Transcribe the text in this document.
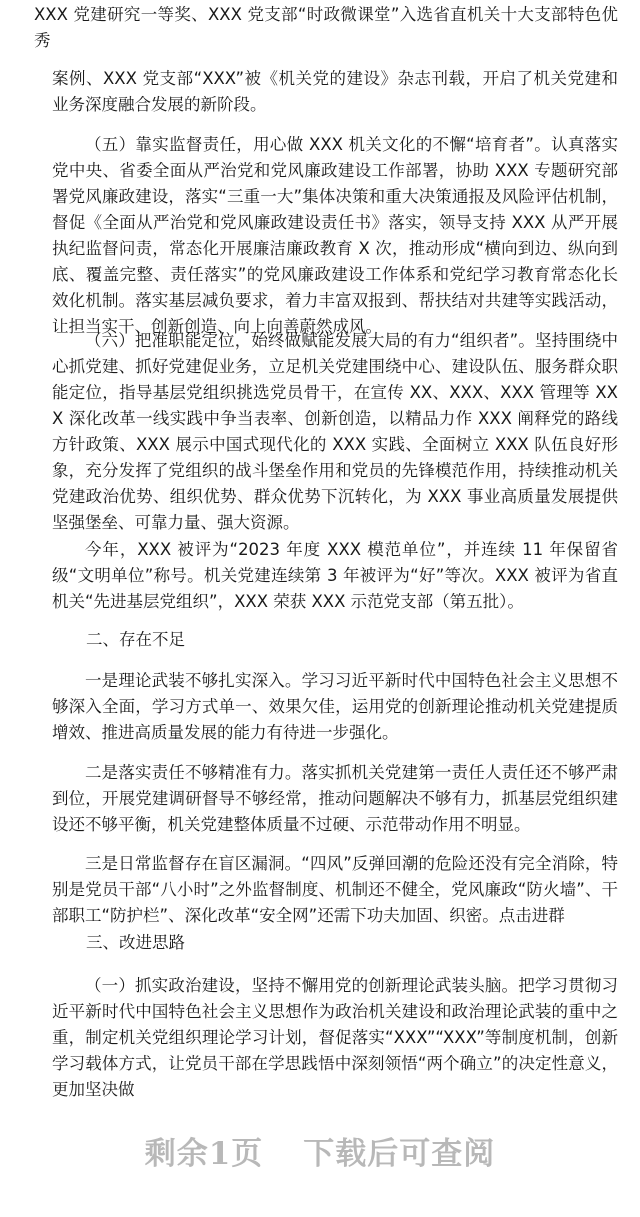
XXX 党建研究一等奖、XXX 党支部“时政微课堂”入选省直机关十大支部特色优秀

案例、XXX 党支部“XXX”被《机关党的建设》杂志刊载，开启了机关党建和业务深度融合发展的新阶段。

（五）靠实监督责任，用心做 XXX 机关文化的不懈“培育者”。认真落实党中央、省委全面从严治党和党风廉政建设工作部署，协助 XXX 专题研究部署党风廉政建设，落实“三重一大”集体决策和重大决策通报及风险评估机制，督促《全面从严治党和党风廉政建设责任书》落实，领导支持 XXX 从严开展执纪监督问责，常态化开展廉洁廉政教育 X 次，推动形成“横向到边、纵向到底、覆盖完整、责任落实”的党风廉政建设工作体系和党纪学习教育常态化长效化机制。落实基层减负要求，着力丰富双报到、帮扶结对共建等实践活动，让担当实干、创新创造、向上向善蔚然成风。

（六）把准职能定位，始终做赋能发展大局的有力“组织者”。坚持围绕中心抓党建、抓好党建促业务，立足机关党建围绕中心、建设队伍、服务群众职能定位，指导基层党组织挑选党员骨干，在宣传 XX、XXX、XXX 管理等 XXX 深化改革一线实践中争当表率、创新创造，以精品力作 XXX 阐释党的路线方针政策、XXX 展示中国式现代化的 XXX 实践、全面树立 XXX 队伍良好形象，充分发挥了党组织的战斗堡垒作用和党员的先锋模范作用，持续推动机关党建政治优势、组织优势、群众优势下沉转化，为 XXX 事业高质量发展提供坚强堡垒、可靠力量、强大资源。

今年，XXX 被评为“2023 年度 XXX 模范单位”，并连续 11 年保留省级“文明单位”称号。机关党建连续第 3 年被评为“好”等次。XXX 被评为省直机关“先进基层党组织”，XXX 荣获 XXX 示范党支部（第五批）。

二、存在不足

一是理论武装不够扎实深入。学习习近平新时代中国特色社会主义思想不够深入全面，学习方式单一、效果欠佳，运用党的创新理论推动机关党建提质增效、推进高质量发展的能力有待进一步强化。

二是落实责任不够精准有力。落实抓机关党建第一责任人责任还不够严肃到位，开展党建调研督导不够经常，推动问题解决不够有力，抓基层党组织建设还不够平衡，机关党建整体质量不过硬、示范带动作用不明显。

三是日常监督存在盲区漏洞。“四风”反弹回潮的危险还没有完全消除，特别是党员干部“八小时”之外监督制度、机制还不健全，党风廉政“防火墙”、干部职工“防护栏”、深化改革“安全网”还需下功夫加固、织密。点击进群

三、改进思路

（一）抓实政治建设，坚持不懈用党的创新理论武装头脑。把学习贯彻习近平新时代中国特色社会主义思想作为政治机关建设和政治理论武装的重中之重，制定机关党组织理论学习计划，督促落实“XXX”“XXX”等制度机制，创新学习载体方式，让党员干部在学思践悟中深刻领悟“两个确立”的决定性意义，更加坚决做

剩余1页 下载后可查阅
